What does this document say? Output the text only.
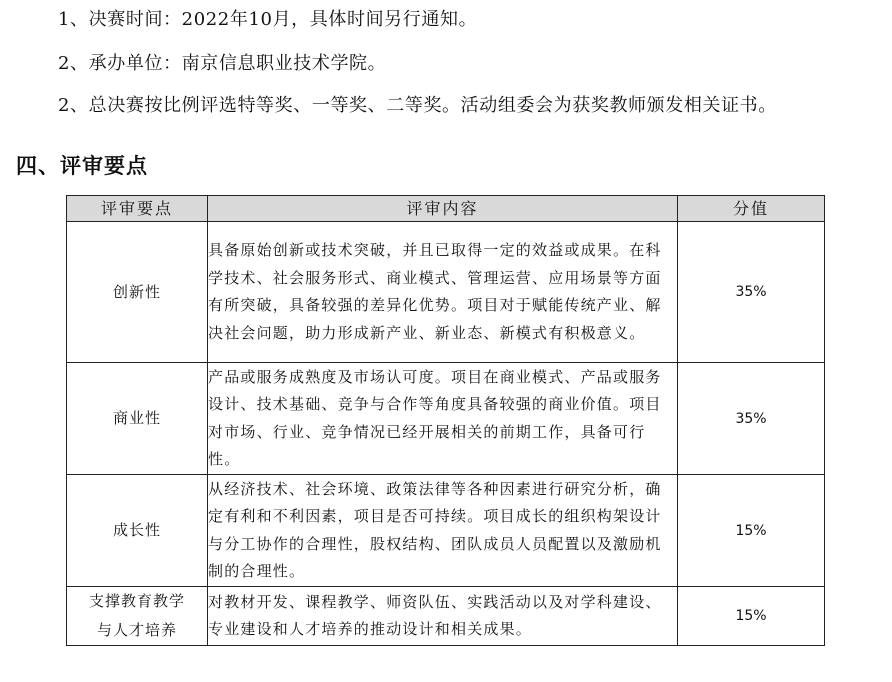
1、决赛时间：2022年10月，具体时间另行通知。
2、承办单位：南京信息职业技术学院。
2、总决赛按比例评选特等奖、一等奖、二等奖。活动组委会为获奖教师颁发相关证书。
四、评审要点
评审要点	评审内容	分值
创新性	具备原始创新或技术突破，并且已取得一定的效益或成果。在科学技术、社会服务形式、商业模式、管理运营、应用场景等方面有所突破，具备较强的差异化优势。项目对于赋能传统产业、解决社会问题，助力形成新产业、新业态、新模式有积极意义。	35%
商业性	产品或服务成熟度及市场认可度。项目在商业模式、产品或服务设计、技术基础、竞争与合作等角度具备较强的商业价值。项目对市场、行业、竞争情况已经开展相关的前期工作，具备可行性。	35%
成长性	从经济技术、社会环境、政策法律等各种因素进行研究分析，确定有利和不利因素，项目是否可持续。项目成长的组织构架设计与分工协作的合理性，股权结构、团队成员人员配置以及激励机制的合理性。	15%

支撑教育教学
与人才培养	对教材开发、课程教学、师资队伍、实践活动以及对学科建设、专业建设和人才培养的推动设计和相关成果。	15%
